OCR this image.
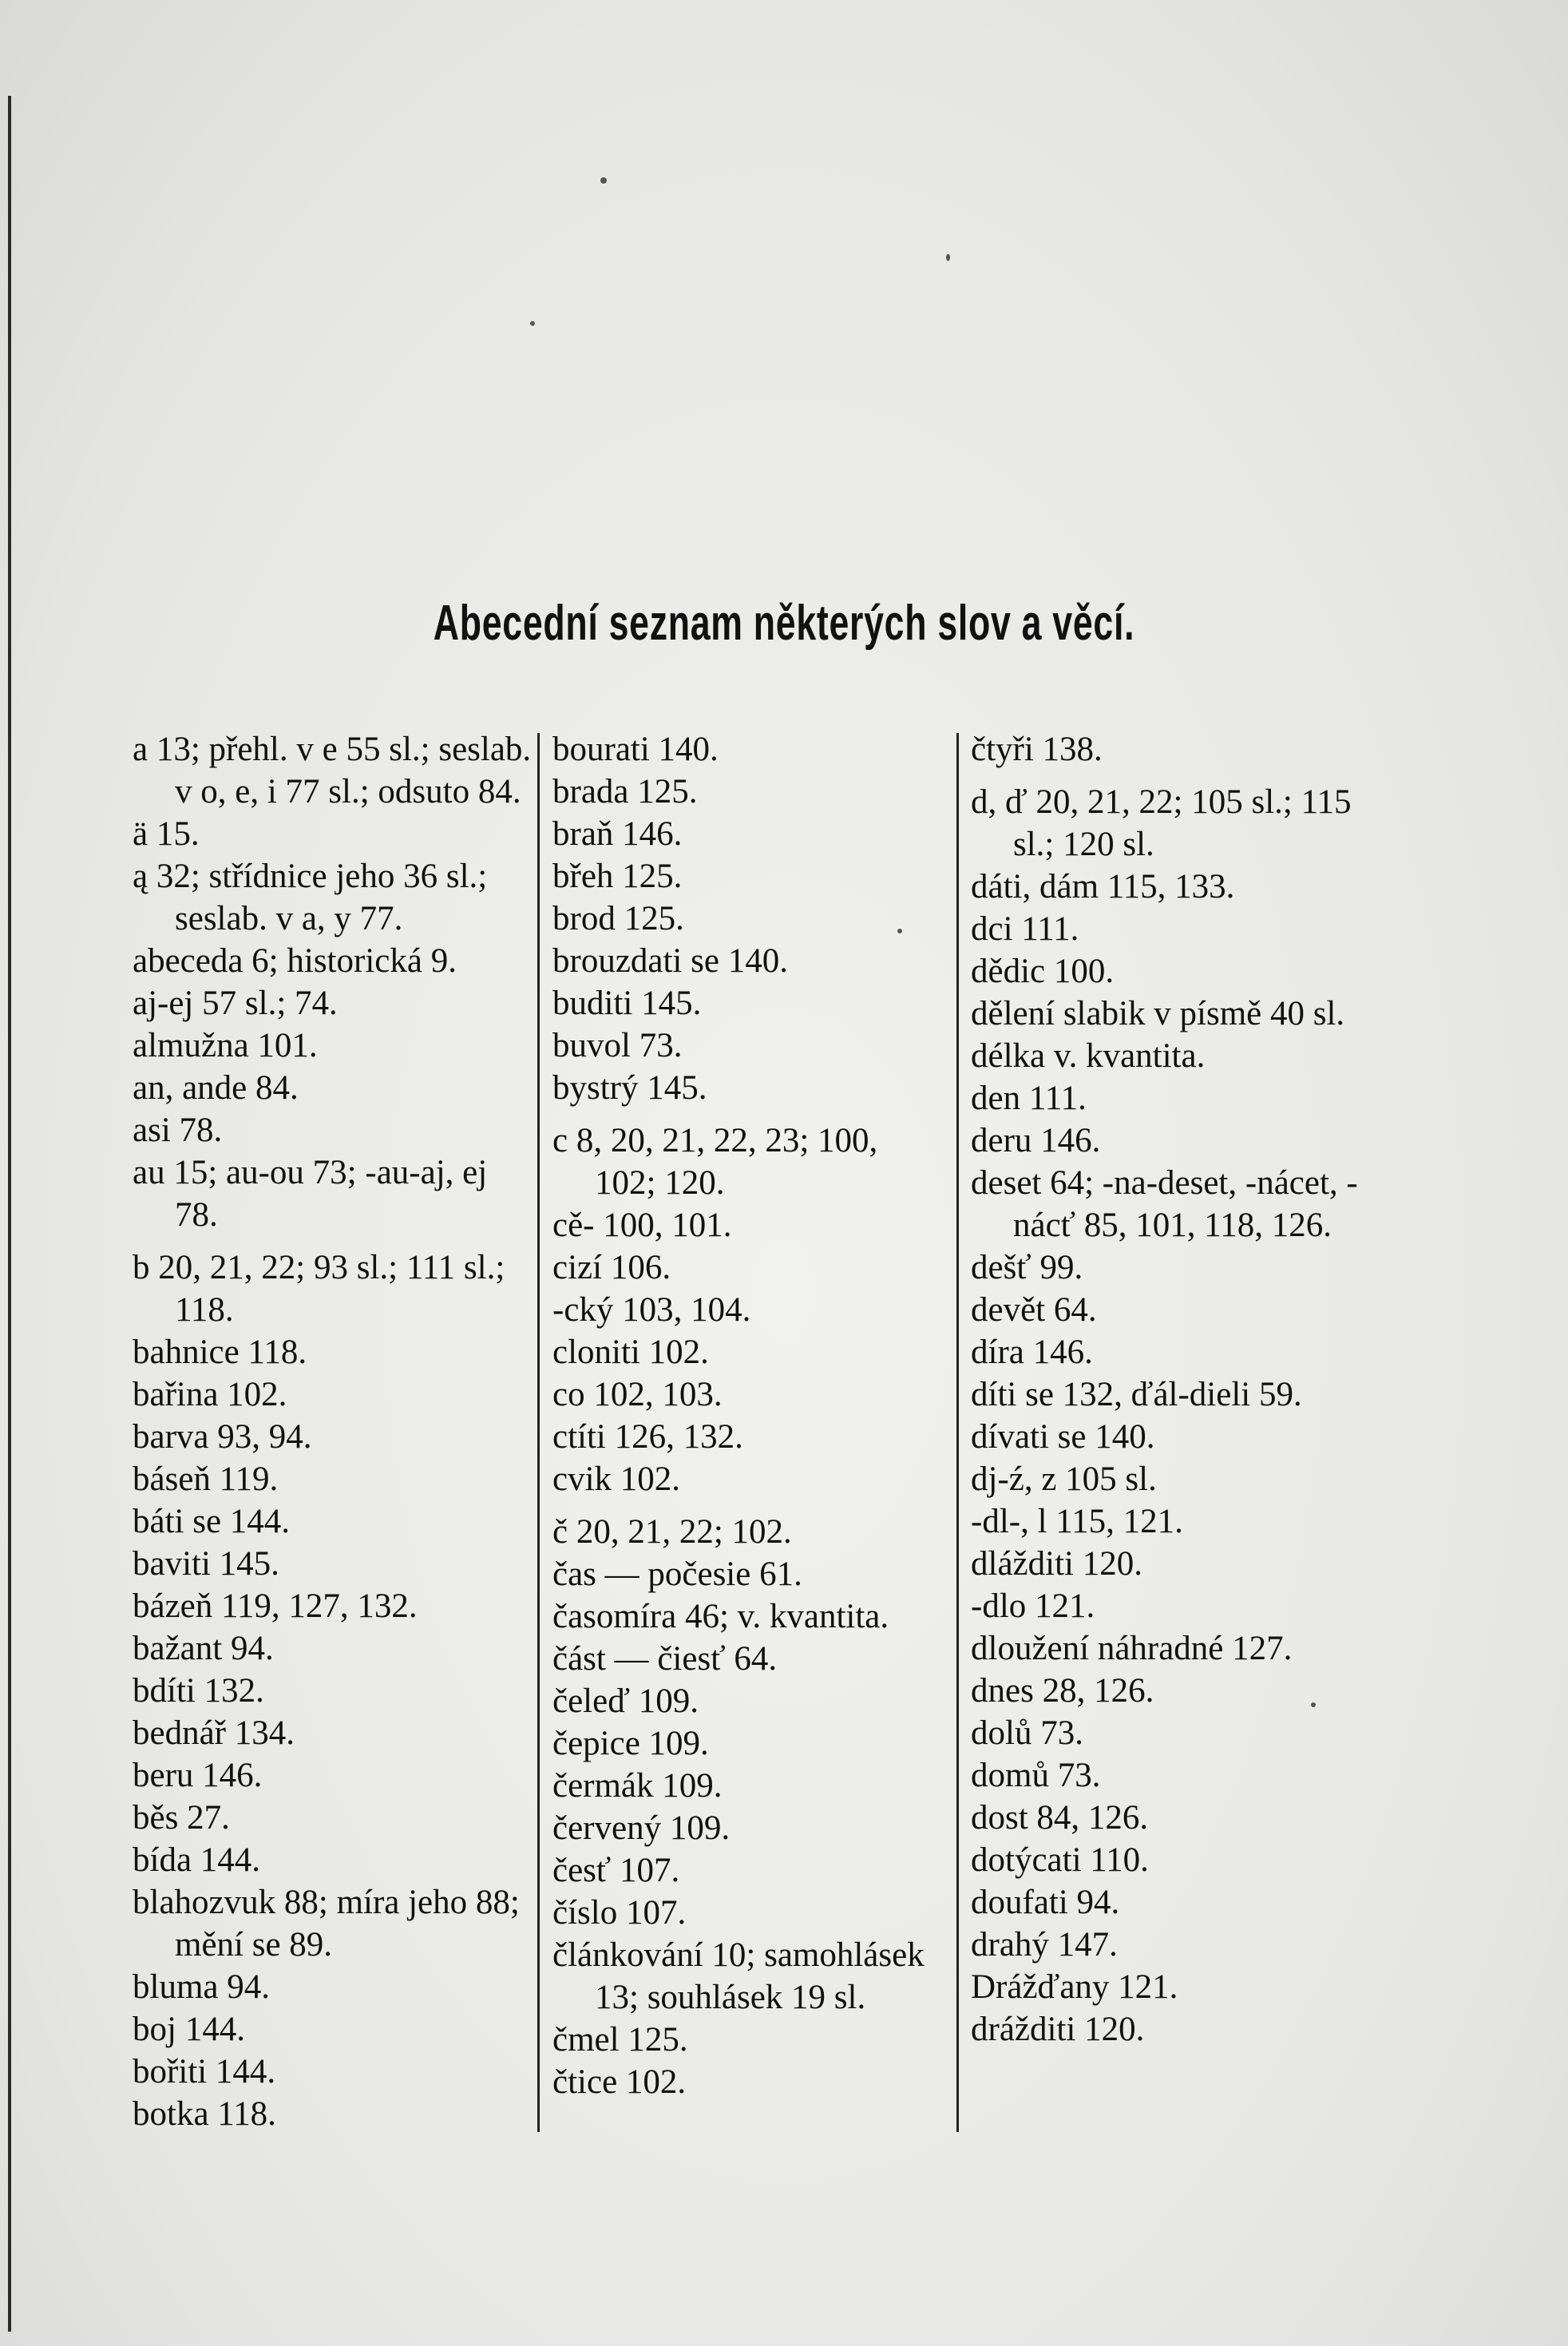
Abecední seznam některých slov a věcí.
a 13; přehl. v e 55 sl.; seslab. v o, e, i 77 sl.; odsuto 84.
ä 15.
ą 32; střídnice jeho 36 sl.; seslab. v a, y 77.
abeceda 6; historická 9.
aj-ej 57 sl.; 74.
almužna 101.
an, ande 84.
asi 78.
au 15; au-ou 73; -au-aj, ej 78.
b 20, 21, 22; 93 sl.; 111 sl.; 118.
bahnice 118.
bařina 102.
barva 93, 94.
báseň 119.
báti se 144.
baviti 145.
bázeň 119, 127, 132.
bažant 94.
bdíti 132.
bednář 134.
beru 146.
běs 27.
bída 144.
blahozvuk 88; míra jeho 88; mění se 89.
bluma 94.
boj 144.
bořiti 144.
botka 118.
bourati 140.
brada 125.
braň 146.
břeh 125.
brod 125.
brouzdati se 140.
buditi 145.
buvol 73.
bystrý 145.
c 8, 20, 21, 22, 23; 100, 102; 120.
cě- 100, 101.
cizí 106.
-cký 103, 104.
cloniti 102.
co 102, 103.
ctíti 126, 132.
cvik 102.
č 20, 21, 22; 102.
čas — počesie 61.
časomíra 46; v. kvantita.
část — čiesť 64.
čeleď 109.
čepice 109.
čermák 109.
červený 109.
česť 107.
číslo 107.
článkování 10; samohlásek 13; souhlásek 19 sl.
čmel 125.
čtice 102.
čtyři 138.
d, ď 20, 21, 22; 105 sl.; 115 sl.; 120 sl.
dáti, dám 115, 133.
dci 111.
dědic 100.
dělení slabik v písmě 40 sl.
délka v. kvantita.
den 111.
deru 146.
deset 64; -na-deset, -nácet, -nácť 85, 101, 118, 126.
dešť 99.
devět 64.
díra 146.
díti se 132, ďál-dieli 59.
dívati se 140.
dj-ź, z 105 sl.
-dl-, l 115, 121.
dlážditi 120.
-dlo 121.
dloužení náhradné 127.
dnes 28, 126.
dolů 73.
domů 73.
dost 84, 126.
dotýcati 110.
doufati 94.
drahý 147.
Drážďany 121.
drážditi 120.
